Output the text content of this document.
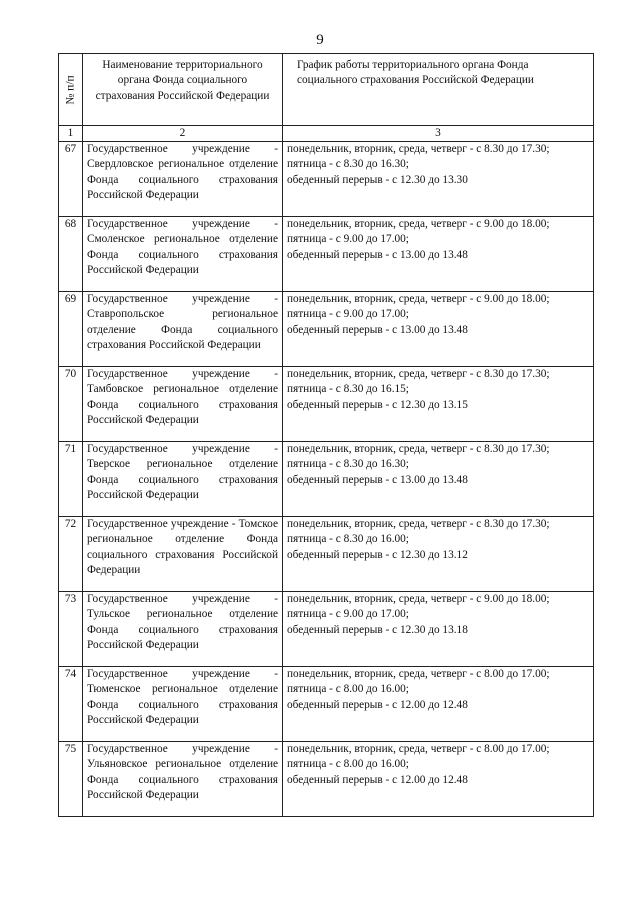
9
№ п/п	Наименование территориального органа Фонда социального страхования Российской Федерации	График работы территориального органа Фонда социального страхования Российской Федерации
1	2	3
67	Государственное учреждение - Свердловское региональное отделение Фонда социального страхования Российской Федерации	понедельник, вторник, среда, четверг - с 8.30 до 17.30;
пятница - с 8.30 до 16.30;
обеденный перерыв - с 12.30 до 13.30

68	Государственное учреждение - Смоленское региональное отделение Фонда социального страхования Российской Федерации	понедельник, вторник, среда, четверг - с 9.00 до 18.00;
пятница - с 9.00 до 17.00;
обеденный перерыв - с 13.00 до 13.48

69	Государственное учреждение - Ставропольское региональное отделение Фонда социального страхования Российской Федерации	понедельник, вторник, среда, четверг - с 9.00 до 18.00;
пятница - с 9.00 до 17.00;
обеденный перерыв - с 13.00 до 13.48

70	Государственное учреждение - Тамбовское региональное отделение Фонда социального страхования Российской Федерации	понедельник, вторник, среда, четверг - с 8.30 до 17.30;
пятница - с 8.30 до 16.15;
обеденный перерыв - с 12.30 до 13.15

71	Государственное учреждение - Тверское региональное отделение Фонда социального страхования Российской Федерации	понедельник, вторник, среда, четверг - с 8.30 до 17.30;
пятница - с 8.30 до 16.30;
обеденный перерыв - с 13.00 до 13.48

72	Государственное учреждение - Томское региональное отделение Фонда социального страхования Российской Федерации	понедельник, вторник, среда, четверг - с 8.30 до 17.30;
пятница - с 8.30 до 16.00;
обеденный перерыв - с 12.30 до 13.12

73	Государственное учреждение - Тульское региональное отделение Фонда социального страхования Российской Федерации	понедельник, вторник, среда, четверг - с 9.00 до 18.00;
пятница - с 9.00 до 17.00;
обеденный перерыв - с 12.30 до 13.18

74	Государственное учреждение - Тюменское региональное отделение Фонда социального страхования Российской Федерации	понедельник, вторник, среда, четверг - с 8.00 до 17.00;
пятница - с 8.00 до 16.00;
обеденный перерыв - с 12.00 до 12.48

75	Государственное учреждение - Ульяновское региональное отделение Фонда социального страхования Российской Федерации	понедельник, вторник, среда, четверг - с 8.00 до 17.00;
пятница - с 8.00 до 16.00;
обеденный перерыв - с 12.00 до 12.48
